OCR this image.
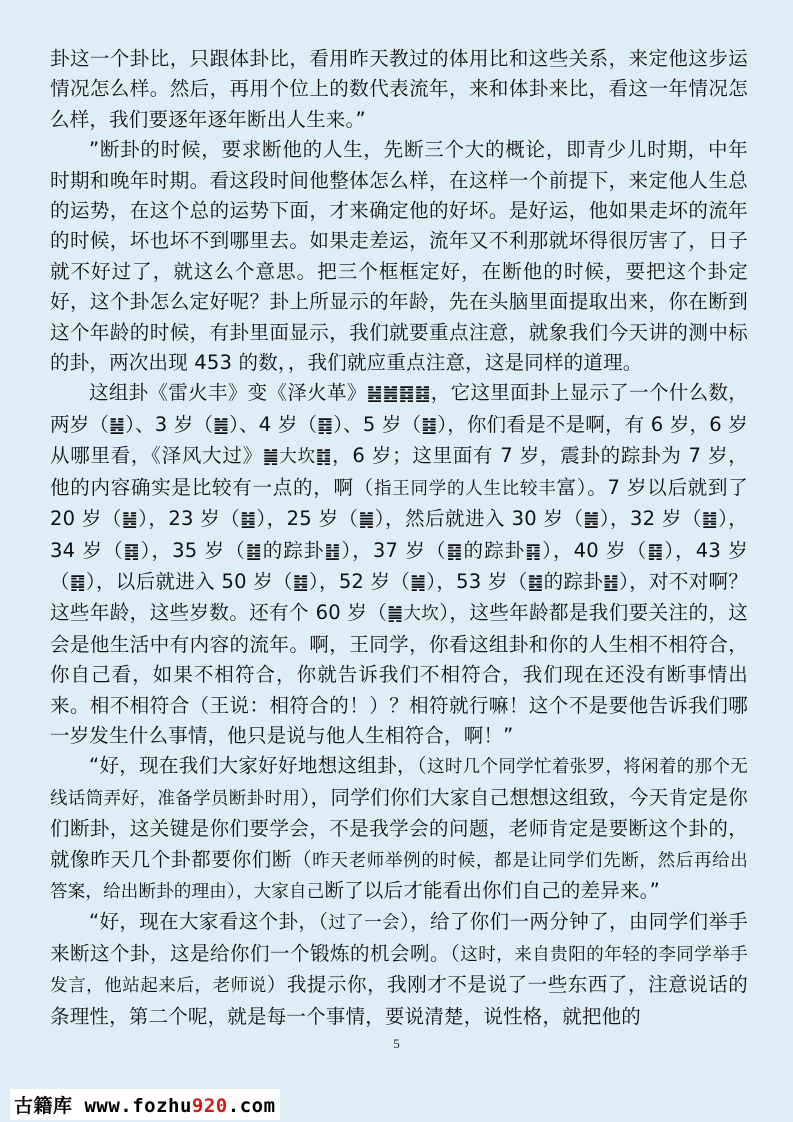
卦这一个卦比，只跟体卦比，看用昨天教过的体用比和这些关系，来定他这步运情况怎么样。然后，再用个位上的数代表流年，来和体卦来比，看这一年情况怎么样，我们要逐年逐年断出人生来。”

”断卦的时候，要求断他的人生，先断三个大的概论，即青少儿时期，中年时期和晚年时期。看这段时间他整体怎么样，在这样一个前提下，来定他人生总的运势，在这个总的运势下面，才来确定他的好坏。是好运，他如果走坏的流年的时候，坏也坏不到哪里去。如果走差运，流年又不利那就坏得很厉害了，日子就不好过了，就这么个意思。把三个框框定好，在断他的时候，要把这个卦定好，这个卦怎么定好呢？卦上所显示的年龄，先在头脑里面提取出来，你在断到这个年龄的时候，有卦里面显示，我们就要重点注意，就象我们今天讲的测中标的卦，两次出现 453 的数，，我们就应重点注意，这是同样的道理。

这组卦《雷火丰》变《泽火革》䷶䷰䷿䷾，它这里面卦上显示了一个什么数，两岁（䷶）、3 岁（䷰）、4 岁（䷿）、5 岁（䷾），你们看是不是啊，有 6 岁，6 岁从哪里看，《泽风大过》䷛大坎䷜，6 岁；这里面有 7 岁，震卦的踪卦为 7 岁，他的内容确实是比较有一点的，啊（指王同学的人生比较丰富）。7 岁以后就到了 20 岁（䷶），23 岁（䷾），25 岁（䷛），然后就进入 30 岁（䷰），32 岁（䷾），34 岁（䷿），35 岁（䷾的踪卦䷲），37 岁（䷿的踪卦䷳），40 岁（䷿），43 岁（䷿），以后就进入 50 岁（䷾），52 岁（䷛），53 岁（䷾的踪卦䷲），对不对啊？这些年龄，这些岁数。还有个 60 岁（䷛大坎），这些年龄都是我们要关注的，这会是他生活中有内容的流年。啊，王同学，你看这组卦和你的人生相不相符合，你自己看，如果不相符合，你就告诉我们不相符合，我们现在还没有断事情出来。相不相符合（王说：相符合的！）？相符就行嘛！这个不是要他告诉我们哪一岁发生什么事情，他只是说与他人生相符合，啊！”

“好，现在我们大家好好地想这组卦，（这时几个同学忙着张罗，将闲着的那个无线话筒弄好，准备学员断卦时用），同学们你们大家自己想想这组致，今天肯定是你们断卦，这关键是你们要学会，不是我学会的问题，老师肯定是要断这个卦的，就像昨天几个卦都要你们断（昨天老师举例的时候，都是让同学们先断，然后再给出答案，给出断卦的理由），大家自己断了以后才能看出你们自己的差异来。”

“好，现在大家看这个卦，（过了一会），给了你们一两分钟了，由同学们举手来断这个卦，这是给你们一个锻炼的机会咧。（这时，来自贵阳的年轻的李同学举手发言，他站起来后，老师说）我提示你，我刚才不是说了一些东西了，注意说话的条理性，第二个呢，就是每一个事情，要说清楚，说性格，就把他的

5
古籍库 www.fozhu920.com
